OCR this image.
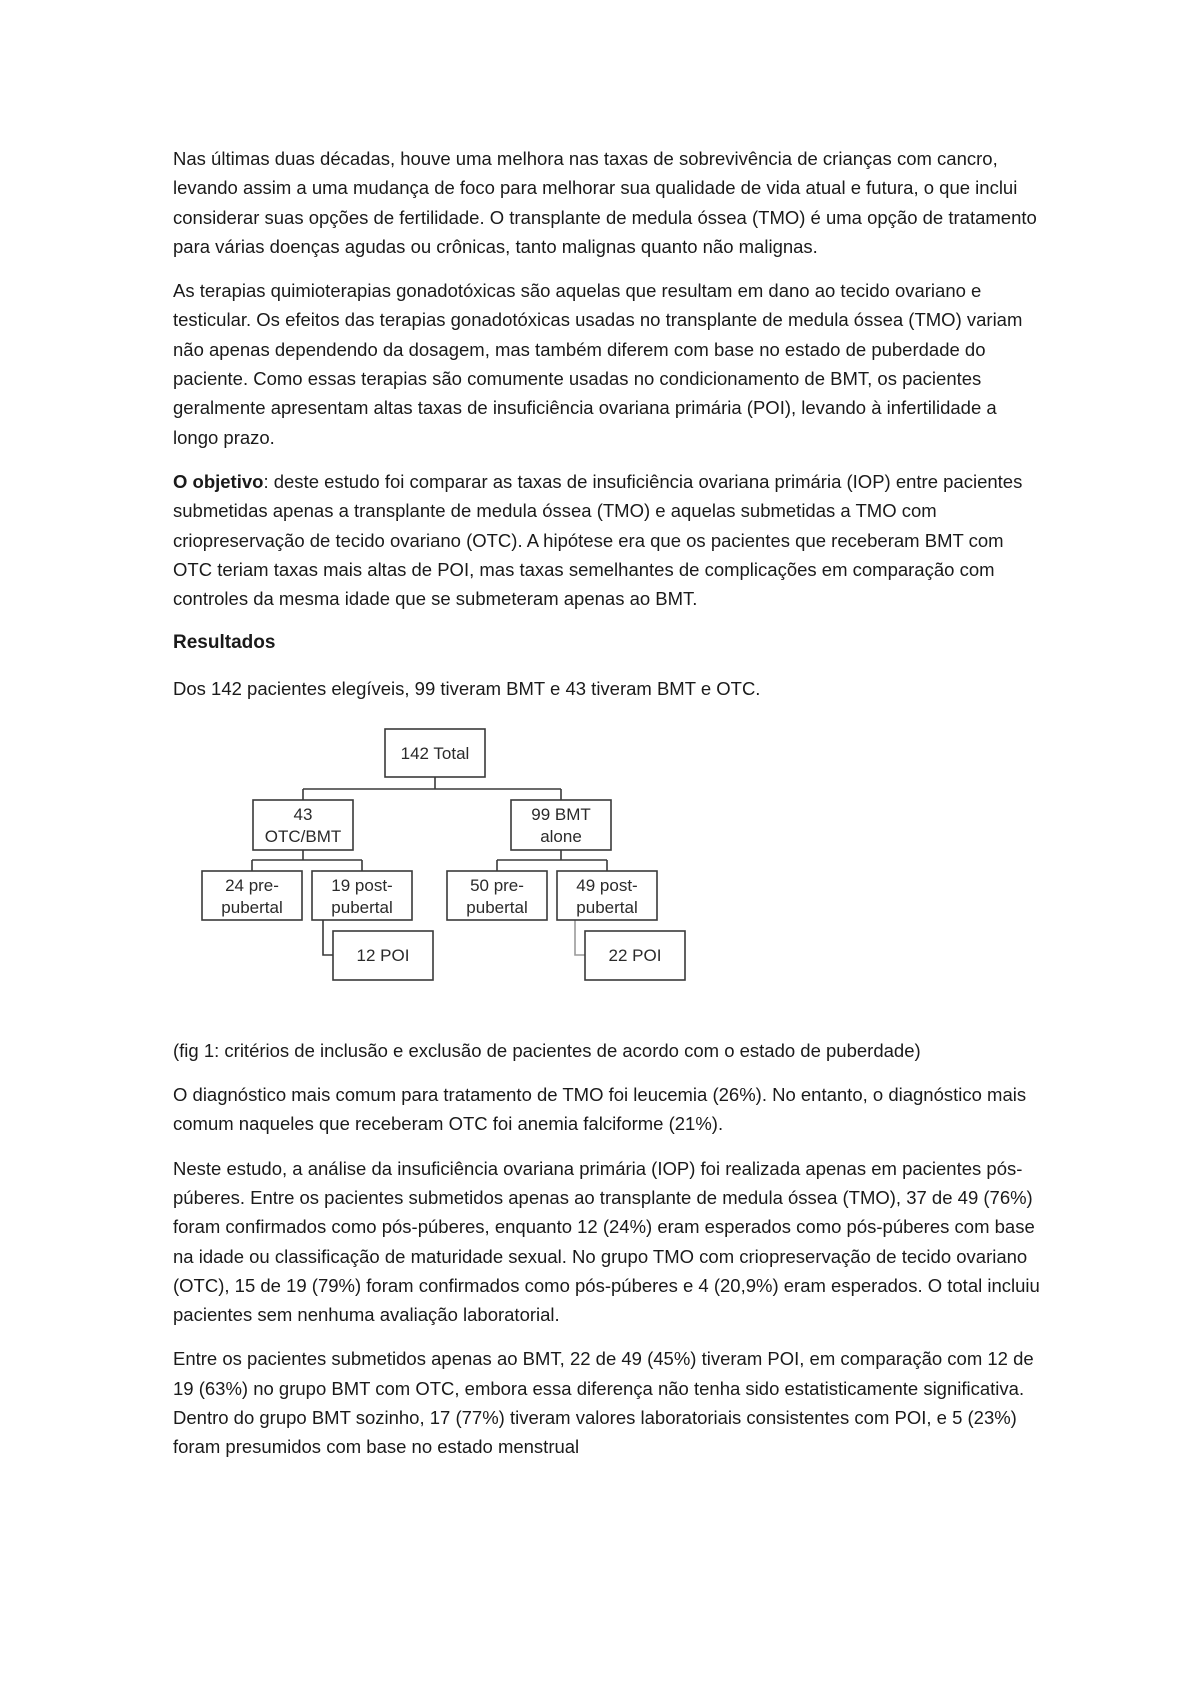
Nas últimas duas décadas, houve uma melhora nas taxas de sobrevivência de crianças com cancro, levando assim a uma mudança de foco para melhorar sua qualidade de vida atual e futura, o que inclui considerar suas opções de fertilidade. O transplante de medula óssea (TMO) é uma opção de tratamento para várias doenças agudas ou crônicas, tanto malignas quanto não malignas.

As terapias quimioterapias gonadotóxicas são aquelas que resultam em dano ao tecido ovariano e testicular. Os efeitos das terapias gonadotóxicas usadas no transplante de medula óssea (TMO) variam não apenas dependendo da dosagem, mas também diferem com base no estado de puberdade do paciente. Como essas terapias são comumente usadas no condicionamento de BMT, os pacientes geralmente apresentam altas taxas de insuficiência ovariana primária (POI), levando à infertilidade a longo prazo.

O objetivo: deste estudo foi comparar as taxas de insuficiência ovariana primária (IOP) entre pacientes submetidas apenas a transplante de medula óssea (TMO) e aquelas submetidas a TMO com criopreservação de tecido ovariano (OTC). A hipótese era que os pacientes que receberam BMT com OTC teriam taxas mais altas de POI, mas taxas semelhantes de complicações em comparação com controles da mesma idade que se submeteram apenas ao BMT.

Resultados

Dos 142 pacientes elegíveis, 99 tiveram BMT e 43 tiveram BMT e OTC.

142 Total
43
OTC/BMT
99 BMT
alone
24 pre-
pubertal
19 post-
pubertal
50 pre-
pubertal
49 post-
pubertal
12 POI	22 POI

(fig 1: critérios de inclusão e exclusão de pacientes de acordo com o estado de puberdade)

O diagnóstico mais comum para tratamento de TMO foi leucemia (26%). No entanto, o diagnóstico mais comum naqueles que receberam OTC foi anemia falciforme (21%).

Neste estudo, a análise da insuficiência ovariana primária (IOP) foi realizada apenas em pacientes pós-púberes. Entre os pacientes submetidos apenas ao transplante de medula óssea (TMO), 37 de 49 (76%) foram confirmados como pós-púberes, enquanto 12 (24%) eram esperados como pós-púberes com base na idade ou classificação de maturidade sexual. No grupo TMO com criopreservação de tecido ovariano (OTC), 15 de 19 (79%) foram confirmados como pós-púberes e 4 (20,9%) eram esperados. O total incluiu pacientes sem nenhuma avaliação laboratorial.

Entre os pacientes submetidos apenas ao BMT, 22 de 49 (45%) tiveram POI, em comparação com 12 de 19 (63%) no grupo BMT com OTC, embora essa diferença não tenha sido estatisticamente significativa. Dentro do grupo BMT sozinho, 17 (77%) tiveram valores laboratoriais consistentes com POI, e 5 (23%) foram presumidos com base no estado menstrual
